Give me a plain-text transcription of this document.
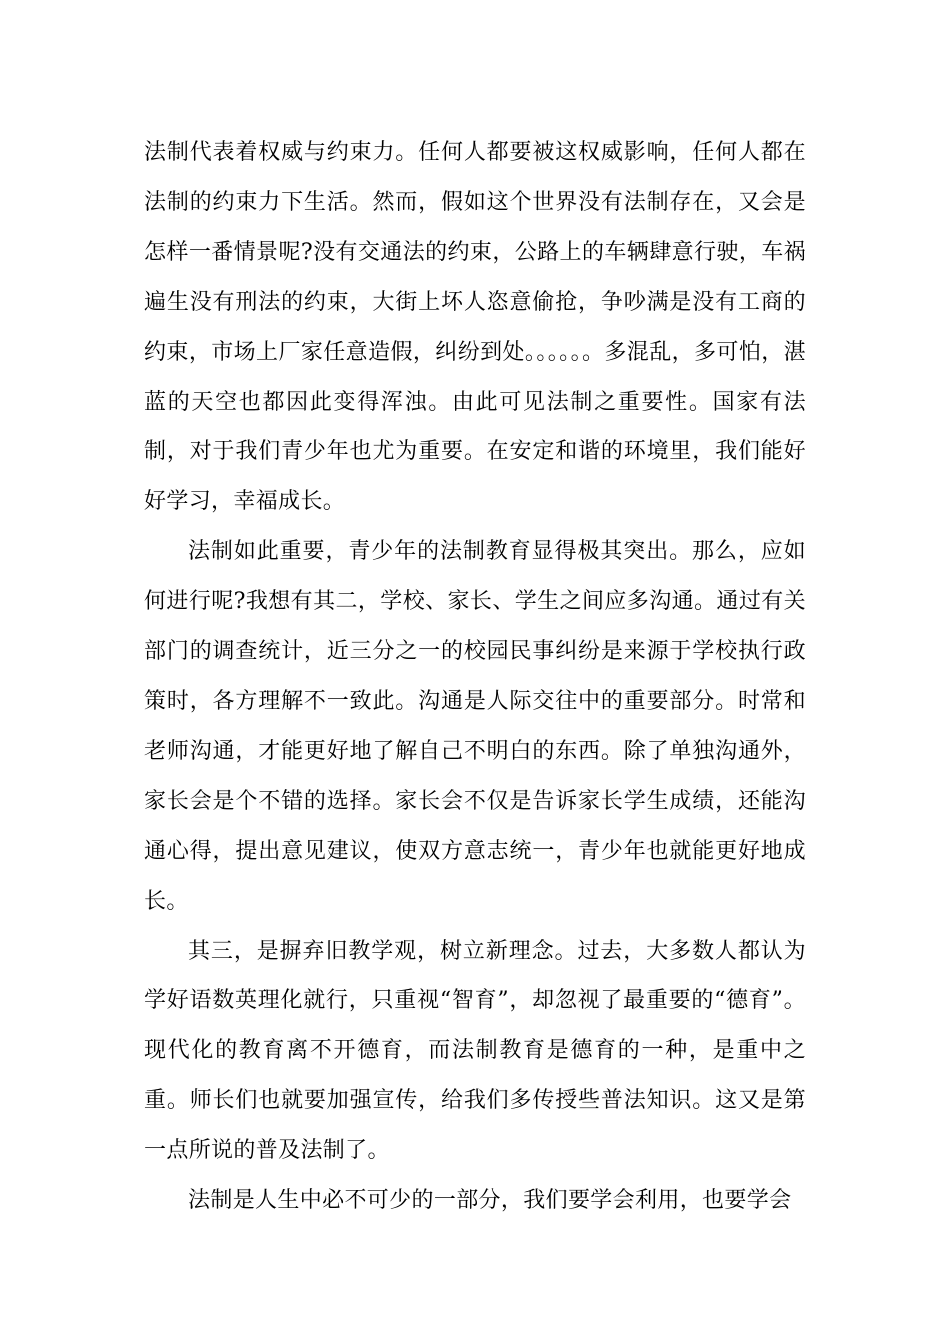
法制代表着权威与约束力。任何人都要被这权威影响，任何人都在法制的约束力下生活。然而，假如这个世界没有法制存在，又会是怎样一番情景呢?没有交通法的约束，公路上的车辆肆意行驶，车祸遍生没有刑法的约束，大街上坏人恣意偷抢，争吵满是没有工商的约束，市场上厂家任意造假，纠纷到处。。。。。。多混乱，多可怕，湛蓝的天空也都因此变得浑浊。由此可见法制之重要性。国家有法制，对于我们青少年也尤为重要。在安定和谐的环境里，我们能好好学习，幸福成长。

法制如此重要，青少年的法制教育显得极其突出。那么，应如何进行呢?我想有其二，学校、家长、学生之间应多沟通。通过有关部门的调查统计，近三分之一的校园民事纠纷是来源于学校执行政策时，各方理解不一致此。沟通是人际交往中的重要部分。时常和老师沟通，才能更好地了解自己不明白的东西。除了单独沟通外，家长会是个不错的选择。家长会不仅是告诉家长学生成绩，还能沟通心得，提出意见建议，使双方意志统一，青少年也就能更好地成长。

其三，是摒弃旧教学观，树立新理念。过去，大多数人都认为学好语数英理化就行，只重视“智育”，却忽视了最重要的“德育”。现代化的教育离不开德育，而法制教育是德育的一种，是重中之重。师长们也就要加强宣传，给我们多传授些普法知识。这又是第一点所说的普及法制了。

法制是人生中必不可少的一部分，我们要学会利用，也要学会
